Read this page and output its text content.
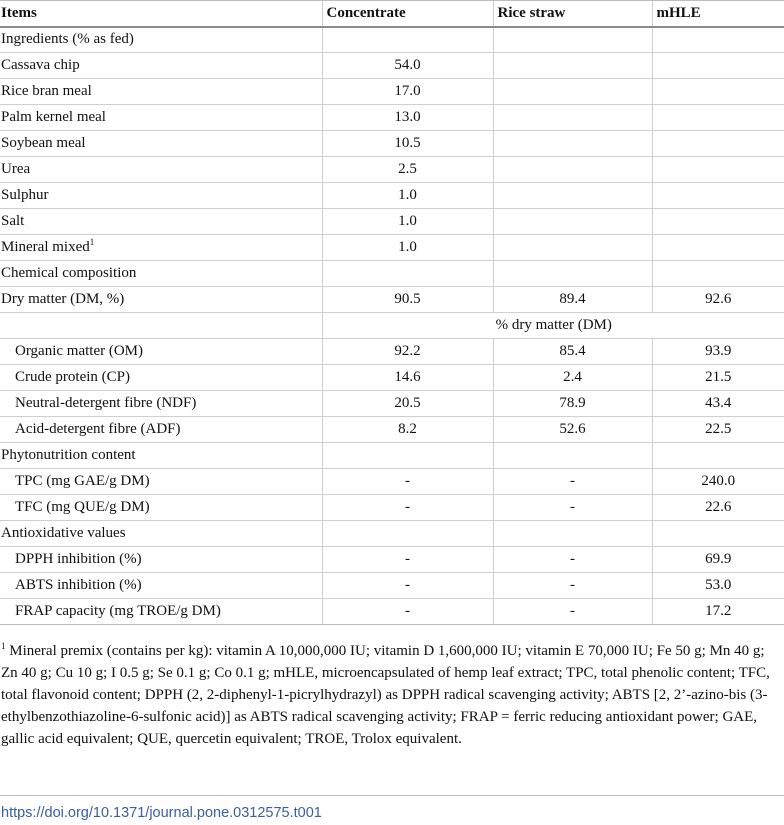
Items	Concentrate	Rice straw	mHLE
Ingredients (% as fed)			
Cassava chip	54.0		
Rice bran meal	17.0		
Palm kernel meal	13.0		
Soybean meal	10.5		
Urea	2.5		
Sulphur	1.0		
Salt	1.0		
Mineral mixed$^1$	1.0		
Chemical composition			
Dry matter (DM, %)	90.5	89.4	92.6
	% dry matter (DM)		
Organic matter (OM)	92.2	85.4	93.9
Crude protein (CP)	14.6	2.4	21.5
Neutral-detergent fibre (NDF)	20.5	78.9	43.4
Acid-detergent fibre (ADF)	8.2	52.6	22.5
Phytonutrition content			
TPC (mg GAE/g DM)	-	-	240.0
TFC (mg QUE/g DM)	-	-	22.6
Antioxidative values			
DPPH inhibition (%)	-	-	69.9
ABTS inhibition (%)	-	-	53.0
FRAP capacity (mg TROE/g DM)	-	-	17.2
$^1$ Mineral premix (contains per kg): vitamin A 10,000,000 IU; vitamin D 1,600,000 IU; vitamin E 70,000 IU; Fe 50 g; Mn 40 g; Zn 40 g; Cu 10 g; I 0.5 g; Se 0.1 g; Co 0.1 g; mHLE, microencapsulated of hemp leaf extract; TPC, total phenolic content; TFC, total flavonoid content; DPPH (2, 2-diphenyl-1-picrylhydrazyl) as DPPH radical scavenging activity; ABTS [2, 2’-azino-bis (3-ethylbenzothiazoline-6-sulfonic acid)] as ABTS radical scavenging activity; FRAP = ferric reducing antioxidant power; GAE, gallic acid equivalent; QUE, quercetin equivalent; TROE, Trolox equivalent.
https://doi.org/10.1371/journal.pone.0312575.t001
